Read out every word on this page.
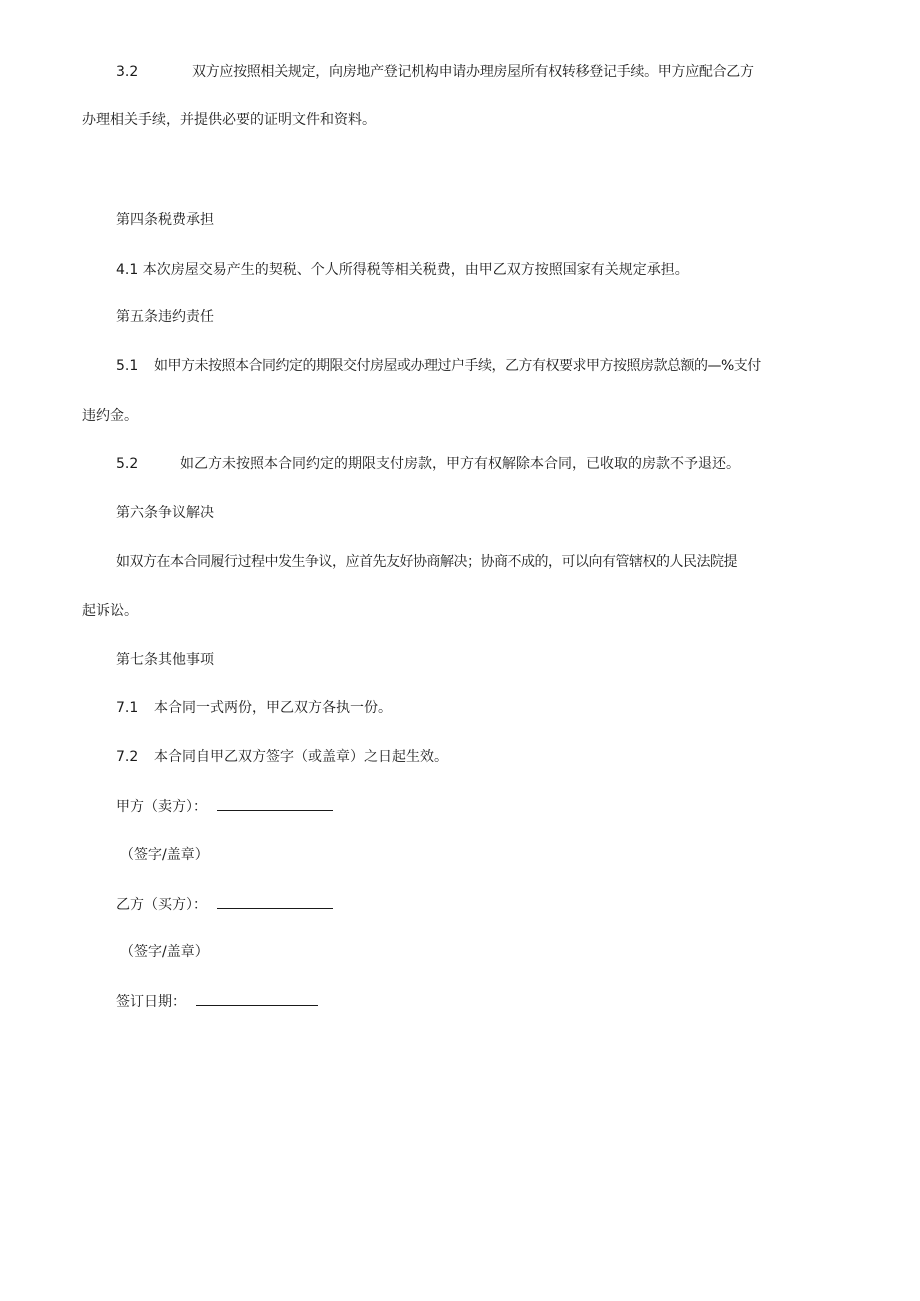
3.2	双方应按照相关规定，向房地产登记机构申请办理房屋所有权转移登记手续。甲方应配合乙方
办理相关手续，并提供必要的证明文件和资料。
第四条税费承担
4.1 本次房屋交易产生的契税、个人所得税等相关税费，由甲乙双方按照国家有关规定承担。
第五条违约责任
5.1 如甲方未按照本合同约定的期限交付房屋或办理过户手续，乙方有权要求甲方按照房款总额的—%支付
违约金。
5.2	如乙方未按照本合同约定的期限支付房款，甲方有权解除本合同，已收取的房款不予退还。
第六条争议解决
如双方在本合同履行过程中发生争议，应首先友好协商解决；协商不成的，可以向有管辖权的人民法院提
起诉讼。
第七条其他事项
7.1 本合同一式两份，甲乙双方各执一份。
7.2 本合同自甲乙双方签字（或盖章）之日起生效。
甲方（卖方）：
（签字/盖章）
乙方（买方）：
（签字/盖章）
签订日期：
